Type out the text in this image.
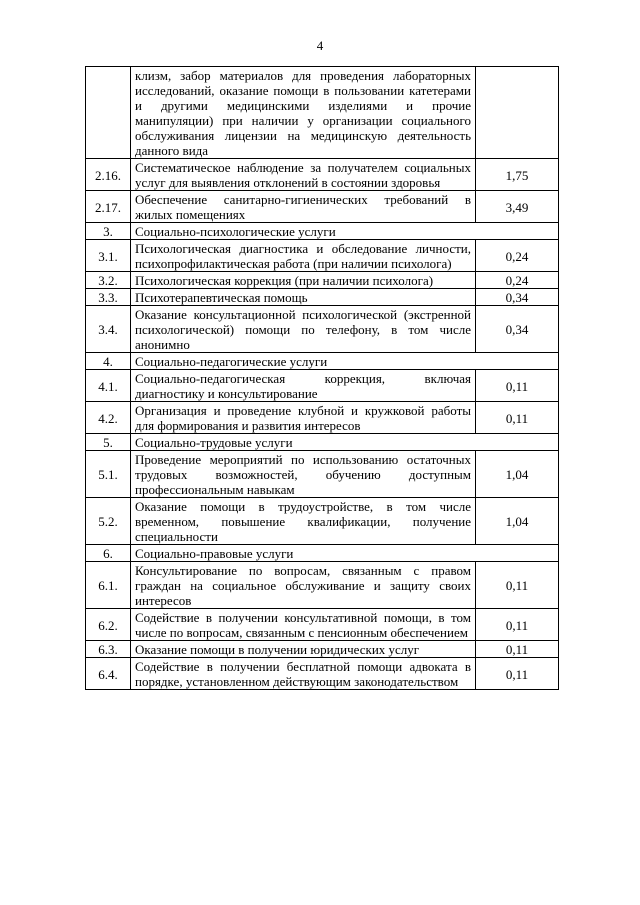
4
	клизм, забор материалов для проведения лабораторных исследований, оказание помощи в пользовании катетерами и другими медицинскими изделиями и прочие манипуляции) при наличии у организации социального обслуживания лицензии на медицинскую деятельность данного вида	
2.16.	Систематическое наблюдение за получателем социальных услуг для выявления отклонений в состоянии здоровья	1,75
2.17.	Обеспечение санитарно-гигиенических требований в жилых помещениях	3,49
3.	Социально-психологические услуги	
3.1.	Психологическая диагностика и обследование личности, психопрофилактическая работа (при наличии психолога)	0,24
3.2.	Психологическая коррекция (при наличии психолога)	0,24
3.3.	Психотерапевтическая помощь	0,34
3.4.	Оказание консультационной психологической (экстренной психологической) помощи по телефону, в том числе анонимно	0,34
4.	Социально-педагогические услуги	
4.1.	Социально-педагогическая коррекция, включая диагностику и консультирование	0,11
4.2.	Организация и проведение клубной и кружковой работы для формирования и развития интересов	0,11
5.	Социально-трудовые услуги	
5.1.	Проведение мероприятий по использованию остаточных трудовых возможностей, обучению доступным профессиональным навыкам	1,04
5.2.	Оказание помощи в трудоустройстве, в том числе временном, повышение квалификации, получение специальности	1,04
6.	Социально-правовые услуги	
6.1.	Консультирование по вопросам, связанным с правом граждан на социальное обслуживание и защиту своих интересов	0,11
6.2.	Содействие в получении консультативной помощи, в том числе по вопросам, связанным с пенсионным обеспечением	0,11
6.3.	Оказание помощи в получении юридических услуг	0,11
6.4.	Содействие в получении бесплатной помощи адвоката в порядке, установленном действующим законодательством	0,11
